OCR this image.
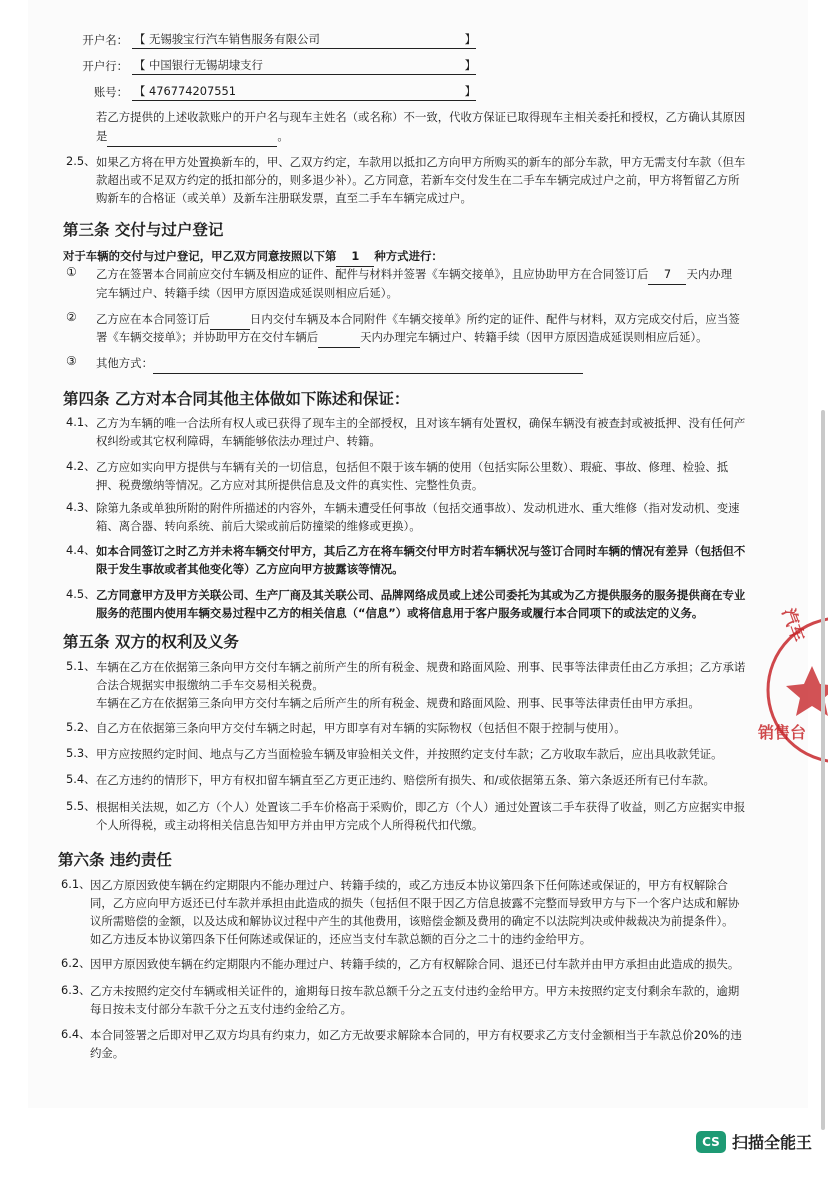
开户名： 【 无锡骏宝行汽车销售服务有限公司	】
开户行： 【 中国银行无锡胡埭支行	】
账号： 【 476774207551	】
若乙方提供的上述收款账户的开户名与现车主姓名（或名称）不一致，代收方保证已取得现车主相关委托和授权，乙方确认其原因
是	。
2.5、 如果乙方将在甲方处置换新车的，甲、乙双方约定，车款用以抵扣乙方向甲方所购买的新车的部分车款，甲方无需支付车款（但车
款超出或不足双方约定的抵扣部分的，则多退少补）。乙方同意，若新车交付发生在二手车车辆完成过户之前，甲方将暂留乙方所
购新车的合格证（或关单）及新车注册联发票，直至二手车车辆完成过户。
第三条 交付与过户登记
对于车辆的交付与过户登记，甲乙双方同意按照以下第 1 种方式进行：
① 乙方在签署本合同前应交付车辆及相应的证件、配件与材料并签署《车辆交接单》，且应协助甲方在合同签订后 7 天内办理
完车辆过户、转籍手续（因甲方原因造成延误则相应后延）。
② 乙方应在本合同签订后	日内交付车辆及本合同附件《车辆交接单》所约定的证件、配件与材料，双方完成交付后，应当签
署《车辆交接单》；并协助甲方在交付车辆后	天内办理完车辆过户、转籍手续（因甲方原因造成延误则相应后延）。
③ 其他方式：
第四条 乙方对本合同其他主体做如下陈述和保证：
4.1、 乙方为车辆的唯一合法所有权人或已获得了现车主的全部授权，且对该车辆有处置权，确保车辆没有被查封或被抵押、没有任何产
权纠纷或其它权利障碍，车辆能够依法办理过户、转籍。
4.2、 乙方应如实向甲方提供与车辆有关的一切信息，包括但不限于该车辆的使用（包括实际公里数）、瑕疵、事故、修理、检验、抵
押、税费缴纳等情况。乙方应对其所提供信息及文件的真实性、完整性负责。
4.3、 除第九条或单独所附的附件所描述的内容外，车辆未遭受任何事故（包括交通事故）、发动机进水、重大维修（指对发动机、变速
箱、离合器、转向系统、前后大梁或前后防撞梁的维修或更换）。
4.4、 如本合同签订之时乙方并未将车辆交付甲方，其后乙方在将车辆交付甲方时若车辆状况与签订合同时车辆的情况有差异（包括但不
限于发生事故或者其他变化等）乙方应向甲方披露该等情况。
4.5、 乙方同意甲方及甲方关联公司、生产厂商及其关联公司、品牌网络成员或上述公司委托为其或为乙方提供服务的服务提供商在专业
服务的范围内使用车辆交易过程中乙方的相关信息（“信息”）或将信息用于客户服务或履行本合同项下的或法定的义务。
第五条 双方的权利及义务
5.1、 车辆在乙方在依据第三条向甲方交付车辆之前所产生的所有税金、规费和路面风险、刑事、民事等法律责任由乙方承担；乙方承诺
合法合规据实申报缴纳二手车交易相关税费。
车辆在乙方在依据第三条向甲方交付车辆之后所产生的所有税金、规费和路面风险、刑事、民事等法律责任由甲方承担。
5.2、 自乙方在依据第三条向甲方交付车辆之时起，甲方即享有对车辆的实际物权（包括但不限于控制与使用）。
5.3、 甲方应按照约定时间、地点与乙方当面检验车辆及审验相关文件，并按照约定支付车款；乙方收取车款后，应出具收款凭证。
5.4、 在乙方违约的情形下，甲方有权扣留车辆直至乙方更正违约、赔偿所有损失、和/或依据第五条、第六条返还所有已付车款。
5.5、 根据相关法规，如乙方（个人）处置该二手车价格高于采购价，即乙方（个人）通过处置该二手车获得了收益，则乙方应据实申报
个人所得税，或主动将相关信息告知甲方并由甲方完成个人所得税代扣代缴。
第六条 违约责任
6.1、 因乙方原因致使车辆在约定期限内不能办理过户、转籍手续的，或乙方违反本协议第四条下任何陈述或保证的，甲方有权解除合
同，乙方应向甲方返还已付车款并承担由此造成的损失（包括但不限于因乙方信息披露不完整而导致甲方与下一个客户达成和解协
议所需赔偿的金额，以及达成和解协议过程中产生的其他费用，该赔偿金额及费用的确定不以法院判决或仲裁裁决为前提条件）。
如乙方违反本协议第四条下任何陈述或保证的，还应当支付车款总额的百分之二十的违约金给甲方。
6.2、 因甲方原因致使车辆在约定期限内不能办理过户、转籍手续的，乙方有权解除合同、退还已付车款并由甲方承担由此造成的损失。
6.3、 乙方未按照约定交付车辆或相关证件的，逾期每日按车款总额千分之五支付违约金给甲方。甲方未按照约定支付剩余车款的，逾期
每日按未支付部分车款千分之五支付违约金给乙方。
6.4、 本合同签署之后即对甲乙双方均具有约束力，如乙方无故要求解除本合同的，甲方有权要求乙方支付金额相当于车款总价20%的违
约金。
汽车
销售台
CS 扫描全能王
